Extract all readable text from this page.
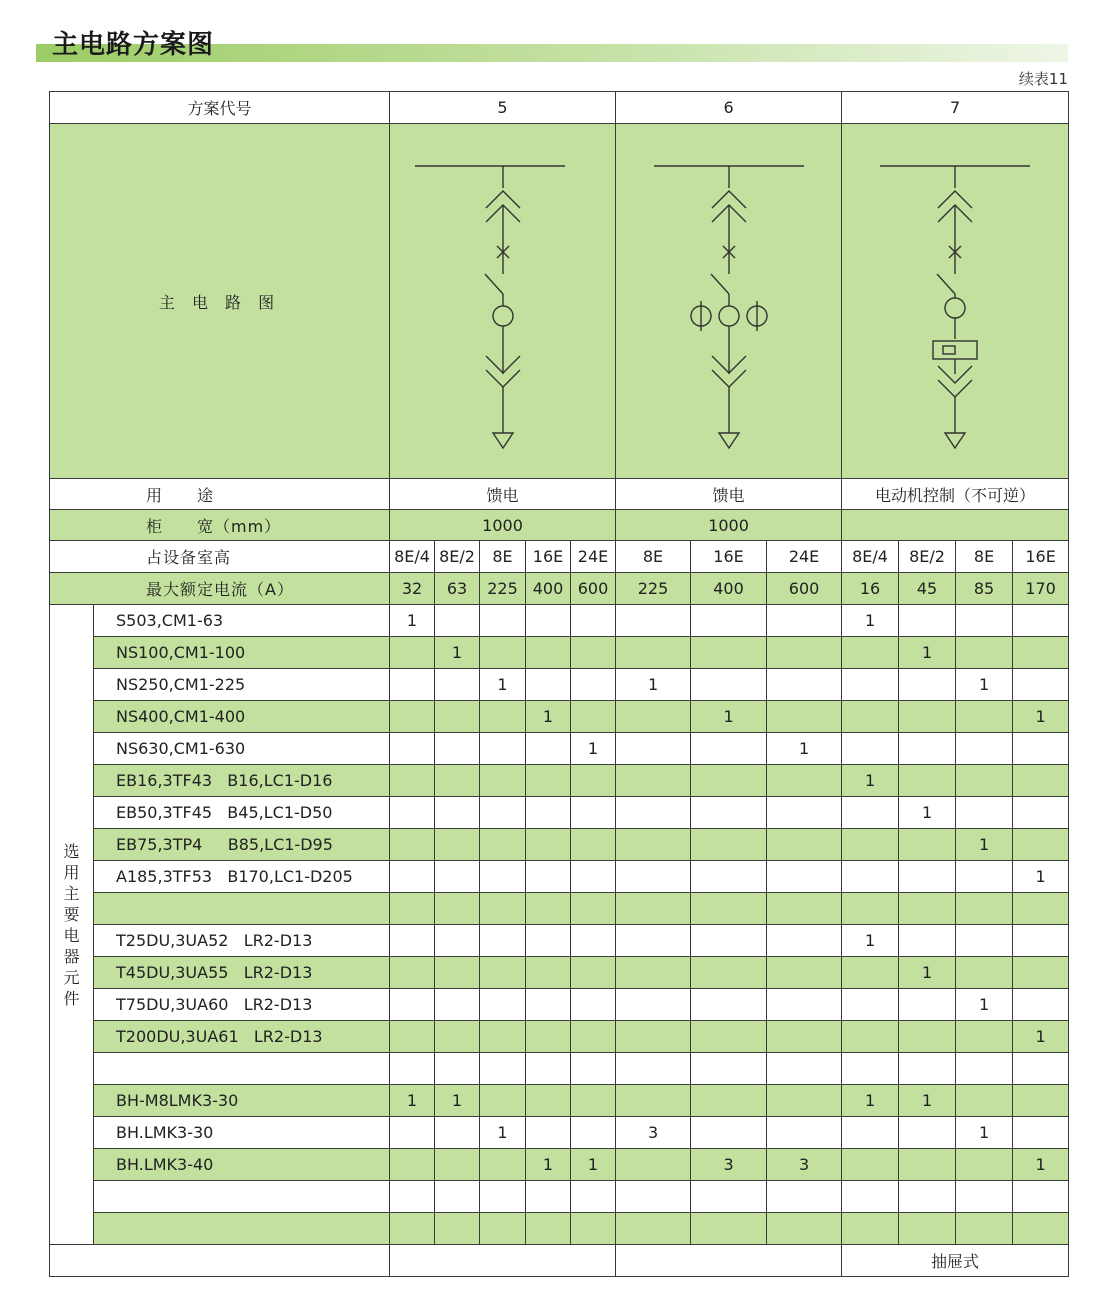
主电路方案图
续表11
方案代号		5					6			7			
主 电 路 图	

用　　途		馈电					馈电			电动机控制（不可逆）			
柜　　宽（mm）		1000					1000						
占设备室高		8E/4	8E/2	8E	16E	24E	8E	16E	24E	8E/4	8E/2	8E	16E
最大额定电流（A）		32	63	225	400	600	225	400	600	16	45	85	170

选用主要电器元件	S503,CM1-63	1								1			
	NS100,CM1-100		1								1		
	NS250,CM1-225			1			1					1	
	NS400,CM1-400				1			1					1
	NS630,CM1-630					1			1				
	EB16,3TF43   B16,LC1-D16									1			
	EB50,3TF45   B45,LC1-D50										1		
	EB75,3TP4     B85,LC1-D95											1	
	A185,3TF53   B170,LC1-D205												1

	T25DU,3UA52   LR2-D13									1			
	T45DU,3UA55   LR2-D13										1		
	T75DU,3UA60   LR2-D13											1	
	T200DU,3UA61   LR2-D13												1

	BH-M8LMK3-30	1	1							1	1		
	BH.LMK3-30			1			3					1	
	BH.LMK3-40				1	1		3	3				1

										抽屉式			
